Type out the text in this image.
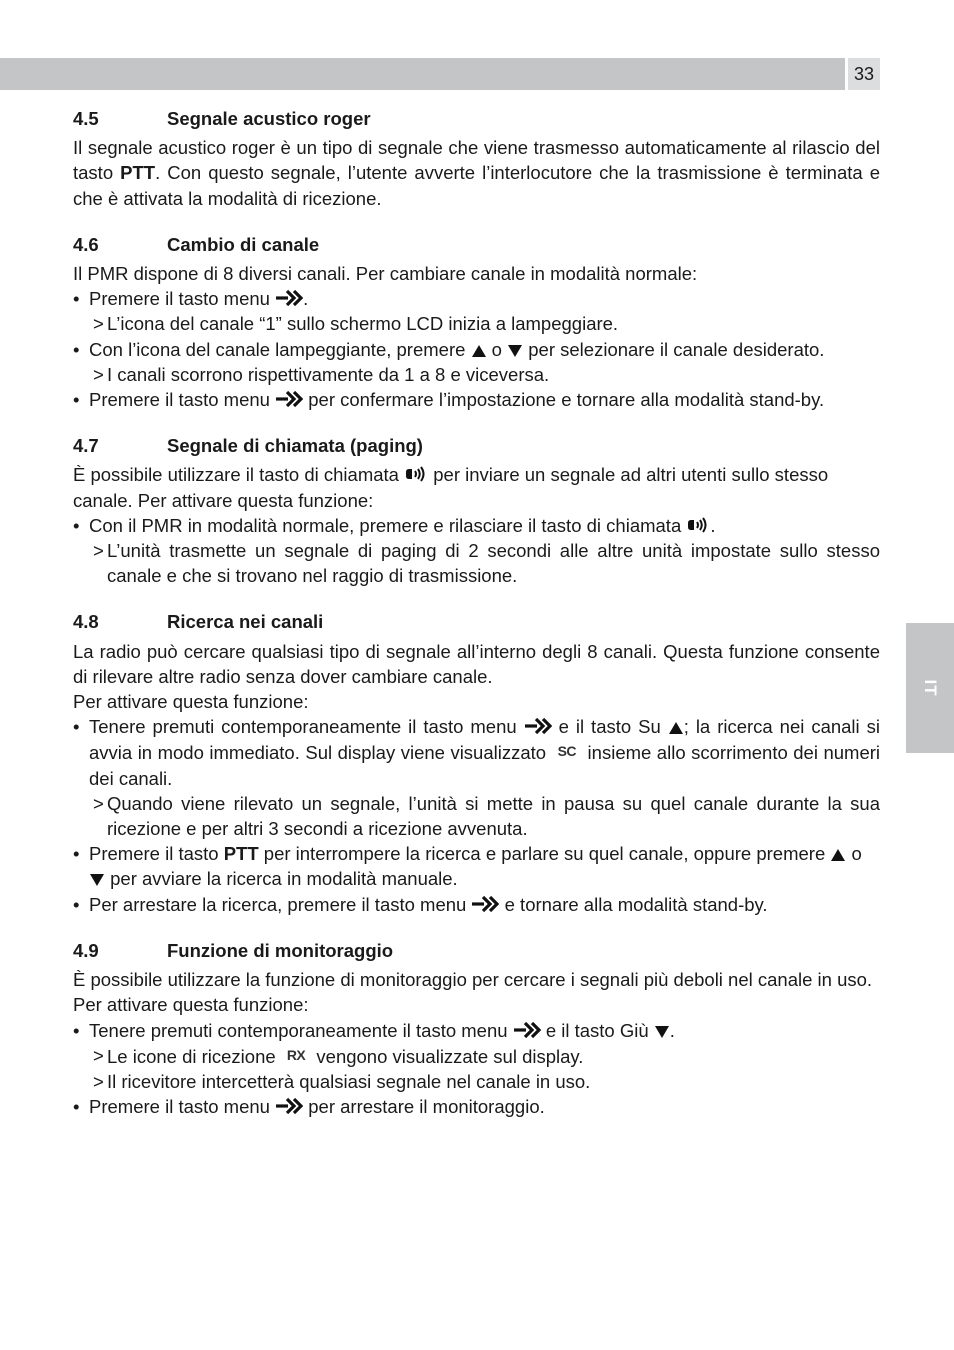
33
IT
4.5	Segnale acustico roger

Il segnale acustico roger è un tipo di segnale che viene trasmesso automaticamente al rilascio del tasto PTT. Con questo segnale, l’utente avverte l’interlocutore che la trasmissione è terminata e che è attivata la modalità di ricezione.

4.6	Cambio di canale

Il PMR dispone di 8 diversi canali. Per cambiare canale in modalità normale:

• Premere il tasto menu
.

> L’icona del canale “1” sullo schermo LCD inizia a lampeggiare.

• Con l’icona del canale lampeggiante, premere
o
per selezionare il canale desiderato.

> I canali scorrono rispettivamente da 1 a 8 e viceversa.

• Premere il tasto menu
per confermare l’impostazione e tornare alla modalità stand-by.

4.7	Segnale di chiamata (paging)

È possibile utilizzare il tasto di chiamata
per inviare un segnale ad altri utenti sullo stesso canale. Per attivare questa funzione:

• Con il PMR in modalità normale, premere e rilasciare il tasto di chiamata
.

> L’unità trasmette un segnale di paging di 2 secondi alle altre unità impostate sullo stesso canale e che si trovano nel raggio di trasmissione.

4.8	Ricerca nei canali

La radio può cercare qualsiasi tipo di segnale all’interno degli 8 canali. Questa funzione consente di rilevare altre radio senza dover cambiare canale.

Per attivare questa funzione:

• Tenere premuti contemporaneamente il tasto menu
e il tasto Su
; la ricerca nei canali si avvia in modo immediato. Sul display viene visualizzato SC insieme allo scorrimento dei numeri dei canali.

> Quando viene rilevato un segnale, l’unità si mette in pausa su quel canale durante la sua ricezione e per altri 3 secondi a ricezione avvenuta.

• Premere il tasto PTT per interrompere la ricerca e parlare su quel canale, oppure premere
o
per avviare la ricerca in modalità manuale.

• Per arrestare la ricerca, premere il tasto menu
e tornare alla modalità stand-by.

4.9	Funzione di monitoraggio

È possibile utilizzare la funzione di monitoraggio per cercare i segnali più deboli nel canale in uso.

Per attivare questa funzione:

• Tenere premuti contemporaneamente il tasto menu
e il tasto Giù
.

> Le icone di ricezione RX vengono visualizzate sul display.

> Il ricevitore intercetterà qualsiasi segnale nel canale in uso.

• Premere il tasto menu
per arrestare il monitoraggio.
